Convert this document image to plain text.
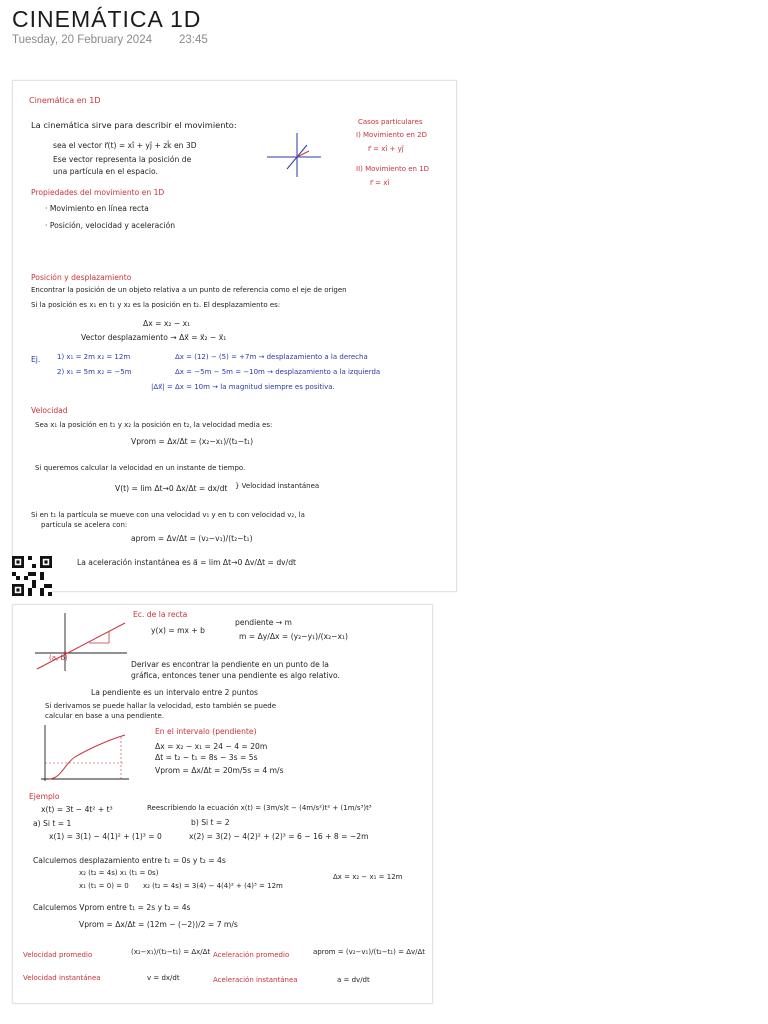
CINEMÁTICA 1D
Tuesday, 20 February 2024 23:45
Cinemática en 1D
La cinemática sirve para describir el movimiento:
sea el vector r⃗(t) = xî + yĵ + zk̂ en 3D
Ese vector representa la posición de
una partícula en el espacio.
Casos particulares
I) Movimiento en 2D
r⃗ = xî + yĵ
II) Movimiento en 1D
r⃗ = xî
Propiedades del movimiento en 1D
· Movimiento en línea recta
· Posición, velocidad y aceleración
Posición y desplazamiento
Encontrar la posición de un objeto relativa a un punto de referencia como el eje de origen
Si la posición es x₁ en t₁ y x₂ es la posición en t₂. El desplazamiento es:
Δx = x₂ − x₁
Vector desplazamiento → Δx⃗ = x⃗₂ − x⃗₁
Ej. 1) x₁ = 2m x₂ = 12m	Δx = (12) − (5) = +7m → desplazamiento a la derecha
2) x₁ = 5m x₂ = −5m	Δx = −5m − 5m = −10m → desplazamiento a la izquierda
|Δx⃗| = Δx = 10m → la magnitud siempre es positiva.
Velocidad
Sea x₁ la posición en t₁ y x₂ la posición en t₂, la velocidad media es:
Vprom = Δx/Δt = (x₂−x₁)/(t₂−t₁)
Si queremos calcular la velocidad en un instante de tiempo.
V(t) = lim Δt→0 Δx/Δt = dx/dt } Velocidad instantánea
Si en t₁ la partícula se mueve con una velocidad v₁ y en t₂ con velocidad v₂, la
partícula se acelera con:
aprom = Δv/Δt = (v₂−v₁)/(t₂−t₁)
La aceleración instantánea es a⃗ = lim Δt→0 Δv/Δt = dv/dt
(a, b)
Ec. de la recta
y(x) = mx + b
pendiente → m
m = Δy/Δx = (y₂−y₁)/(x₂−x₁)
Derivar es encontrar la pendiente en un punto de la
gráfica, entonces tener una pendiente es algo relativo.
La pendiente es un intervalo entre 2 puntos
Si derivamos se puede hallar la velocidad, esto también se puede
calcular en base a una pendiente.
En el intervalo (pendiente)
Δx = x₂ − x₁ = 24 − 4 = 20m
Δt = t₂ − t₁ = 8s − 3s = 5s
Vprom = Δx/Δt = 20m/5s = 4 m/s
Ejemplo
x(t) = 3t − 4t² + t³	Reescribiendo la ecuación x(t) = (3m/s)t − (4m/s²)t² + (1m/s³)t³
a) Si t = 1	b) Si t = 2
x(1) = 3(1) − 4(1)² + (1)³ = 0	x(2) = 3(2) − 4(2)² + (2)³ = 6 − 16 + 8 = −2m
Calculemos desplazamiento entre t₁ = 0s y t₂ = 4s
x₂ (t₂ = 4s) x₁ (t₁ = 0s)
x₁ (t₁ = 0) = 0 x₂ (t₂ = 4s) = 3(4) − 4(4)² + (4)³ = 12m
Δx = x₂ − x₁ = 12m
Calculemos Vprom entre t₁ = 2s y t₂ = 4s
Vprom = Δx/Δt = (12m − (−2))/2 = 7 m/s
Velocidad promedio	(x₂−x₁)/(t₂−t₁) = Δx/Δt Aceleración promedio	aprom = (v₂−v₁)/(t₂−t₁) = Δv/Δt
Velocidad instantánea	v = dx/dt	Aceleración instantánea	a = dv/dt
